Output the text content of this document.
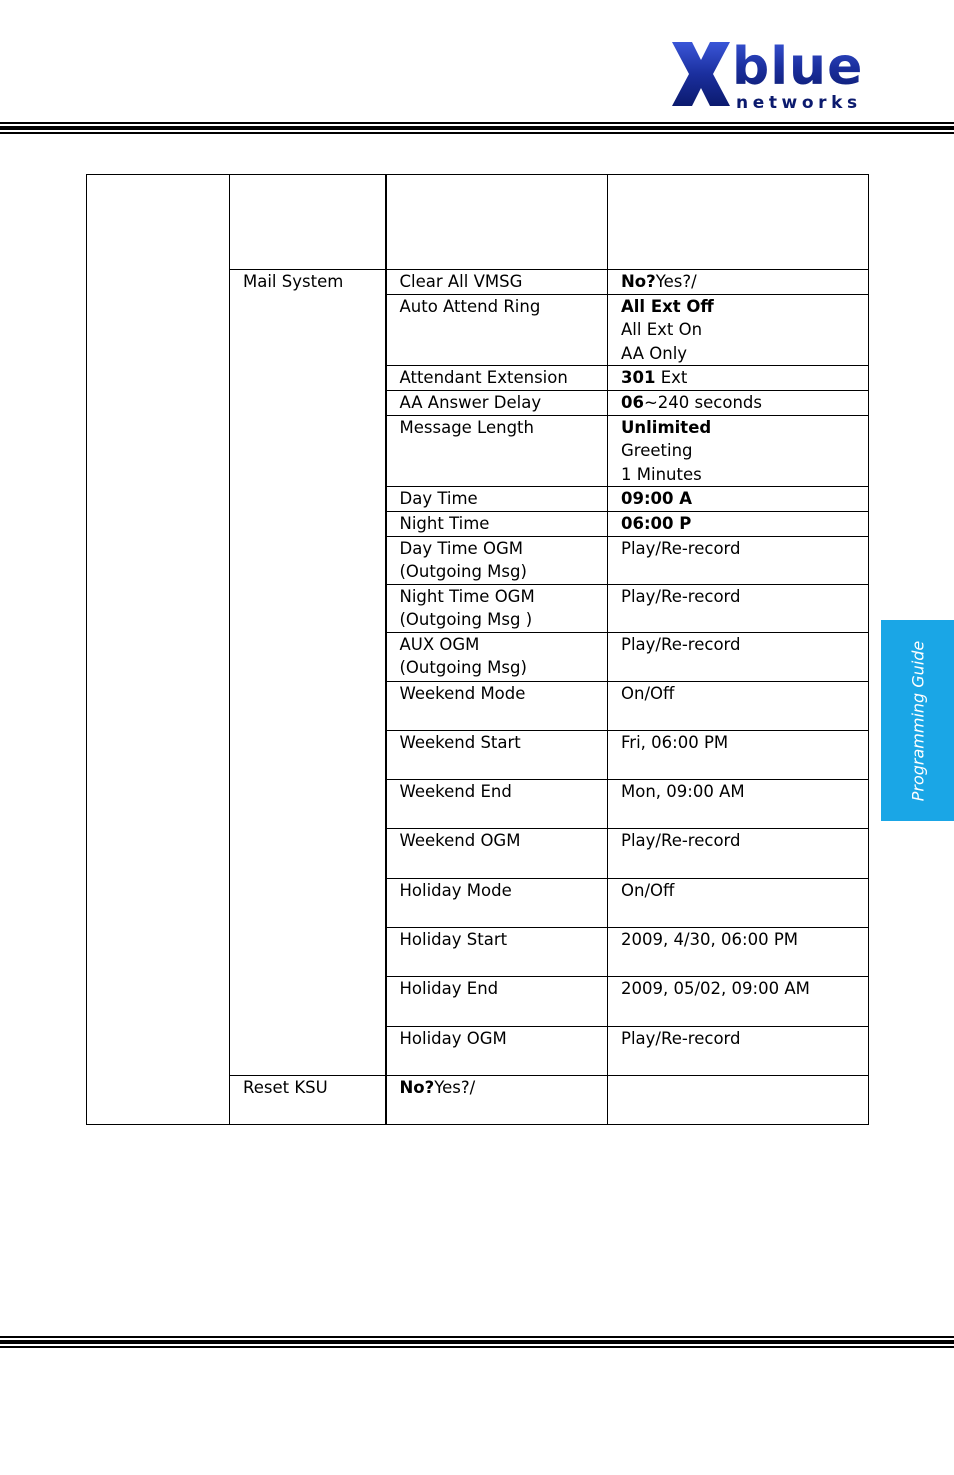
blue
networks
Programming Guide

	Mail System	Clear All VMSG	No?Yes?/

		Auto Attend Ring	All Ext Off
All Ext On
AA Only

		Attendant Extension	301 Ext

		AA Answer Delay	06~240 seconds

		Message Length	Unlimited
Greeting
1 Minutes

		Day Time	09:00 A

		Night Time	06:00 P

		Day Time OGM
(Outgoing Msg)	Play/Re-record

		Night Time OGM
(Outgoing Msg )	Play/Re-record

		AUX OGM
(Outgoing Msg)	Play/Re-record

		Weekend Mode	On/Off

		Weekend Start	Fri, 06:00 PM

		Weekend End	Mon, 09:00 AM

		Weekend OGM	Play/Re-record

		Holiday Mode	On/Off

		Holiday Start	2009, 4/30, 06:00 PM

		Holiday End	2009, 05/02, 09:00 AM

		Holiday OGM	Play/Re-record

	Reset KSU	No?Yes?/	
